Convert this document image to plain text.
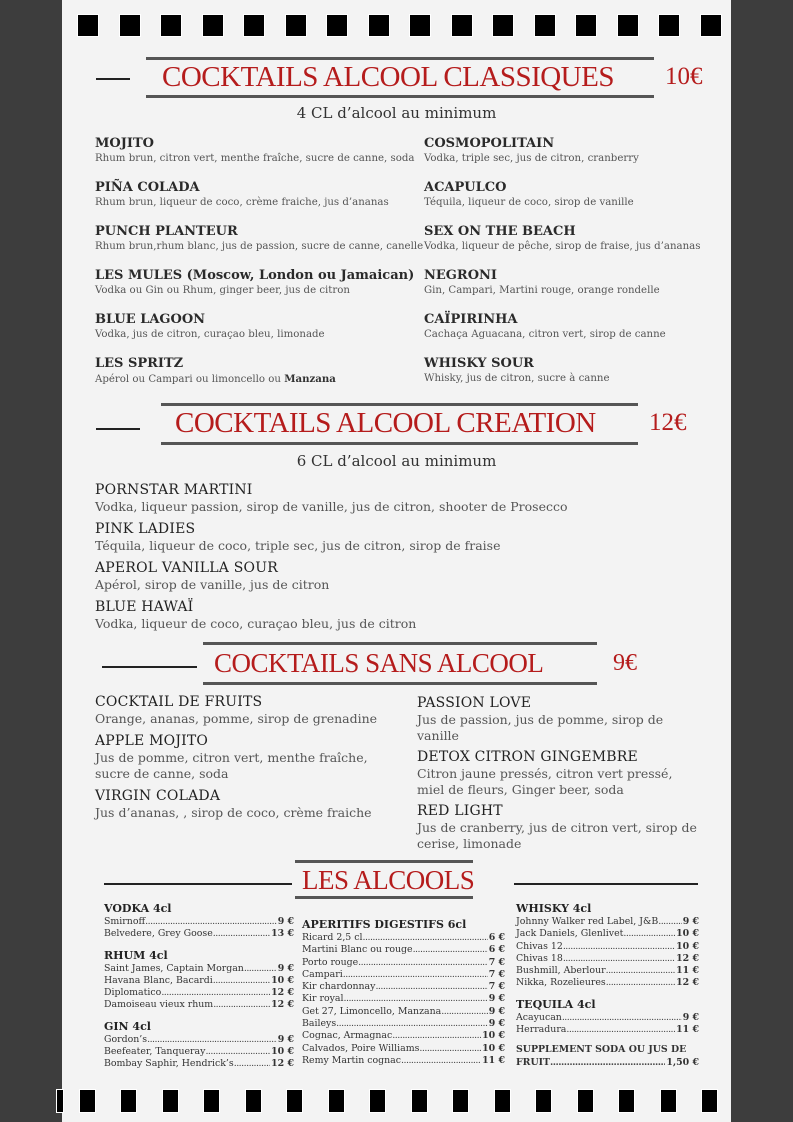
COCKTAILS ALCOOL CLASSIQUES 10€
4 CL d’alcool au minimum
MOJITO
Rhum brun, citron vert, menthe fraîche, sucre de canne, soda
PIÑA COLADA
Rhum brun, liqueur de coco, crème fraiche, jus d’ananas
PUNCH PLANTEUR
Rhum brun,rhum blanc, jus de passion, sucre de canne, canelle
LES MULES (Moscow, London ou Jamaican)
Vodka ou Gin ou Rhum, ginger beer, jus de citron
BLUE LAGOON
Vodka, jus de citron, curaçao bleu, limonade
LES SPRITZ
Apérol ou Campari ou limoncello ou Manzana
COSMOPOLITAIN
Vodka, triple sec, jus de citron, cranberry
ACAPULCO
Téquila, liqueur de coco, sirop de vanille
SEX ON THE BEACH
Vodka, liqueur de pêche, sirop de fraise, jus d’ananas
NEGRONI
Gin, Campari, Martini rouge, orange rondelle
CAÏPIRINHA
Cachaça Aguacana, citron vert, sirop de canne
WHISKY SOUR
Whisky, jus de citron, sucre à canne
COCKTAILS ALCOOL CREATION 12€
6 CL d’alcool au minimum
PORNSTAR MARTINI
Vodka, liqueur passion, sirop de vanille, jus de citron, shooter de Prosecco
PINK LADIES
Téquila, liqueur de coco, triple sec, jus de citron, sirop de fraise
APEROL VANILLA SOUR
Apérol, sirop de vanille, jus de citron
BLUE HAWAÏ
Vodka, liqueur de coco, curaçao bleu, jus de citron
COCKTAILS SANS ALCOOL	9€
COCKTAIL DE FRUITS
Orange, ananas, pomme, sirop de grenadine
APPLE MOJITO
Jus de pomme, citron vert, menthe fraîche, sucre de canne, soda
VIRGIN COLADA
Jus d’ananas, , sirop de coco, crème fraiche
PASSION LOVE
Jus de passion, jus de pomme, sirop de vanille
DETOX CITRON GINGEMBRE
Citron jaune pressés, citron vert pressé, miel de fleurs, Ginger beer, soda
RED LIGHT
Jus de cranberry, jus de citron vert, sirop de cerise, limonade
LES ALCOOLS
VODKA 4cl
Smirnoff .....	9 €
Belvedere, Grey Goose .....	13 €
RHUM 4cl
Saint James, Captain Morgan .....	9 €
Havana Blanc, Bacardi .....	10 €
Diplomatico .....	12 €
Damoiseau vieux rhum .....	12 €
GIN 4cl
Gordon’s .....	9 €
Beefeater, Tanqueray .....	10 €
Bombay Saphir, Hendrick’s .....	12 €
APERITIFS DIGESTIFS 6cl
Ricard 2,5 cl .....	6 €
Martini Blanc ou rouge .....	6 €
Porto rouge .....	7 €
Campari .....	7 €
Kir chardonnay .....	7 €
Kir royal .....	9 €
Get 27, Limoncello, Manzana .....	9 €
Baileys .....	9 €
Cognac, Armagnac .....	10 €
Calvados, Poire Williams .....	10 €
Remy Martin cognac .....	11 €
WHISKY 4cl
Johnny Walker red Label, J&B .....	9 €
Jack Daniels, Glenlivet .....	10 €
Chivas 12 .....	10 €
Chivas 18 .....	12 €
Bushmill, Aberlour .....	11 €
Nikka, Rozelieures .....	12 €
TEQUILA 4cl
Acayucan .....	9 €
Herradura .....	11 €
SUPPLEMENT SODA OU JUS DE
FRUIT .....	1,50 €
